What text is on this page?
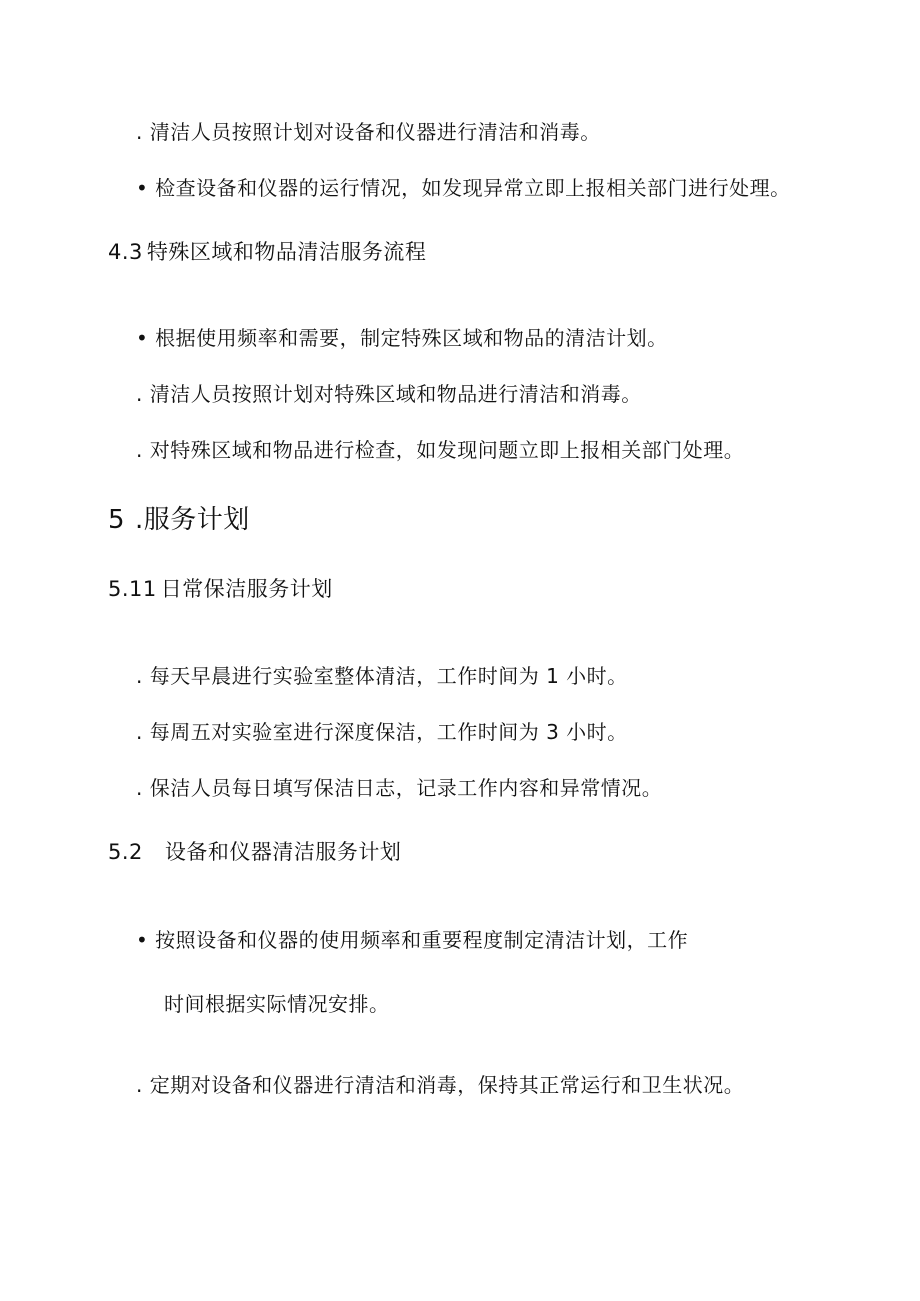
. 清洁人员按照计划对设备和仪器进行清洁和消毒。
• 检查设备和仪器的运行情况，如发现异常立即上报相关部门进行处理。
4.3 特殊区域和物品清洁服务流程
• 根据使用频率和需要，制定特殊区域和物品的清洁计划。
. 清洁人员按照计划对特殊区域和物品进行清洁和消毒。
. 对特殊区域和物品进行检查，如发现问题立即上报相关部门处理。
5 .服务计划
5.11 日常保洁服务计划
. 每天早晨进行实验室整体清洁，工作时间为 1 小时。
. 每周五对实验室进行深度保洁，工作时间为 3 小时。
. 保洁人员每日填写保洁日志，记录工作内容和异常情况。
5.2 设备和仪器清洁服务计划
• 按照设备和仪器的使用频率和重要程度制定清洁计划，工作
时间根据实际情况安排。
. 定期对设备和仪器进行清洁和消毒，保持其正常运行和卫生状况。
